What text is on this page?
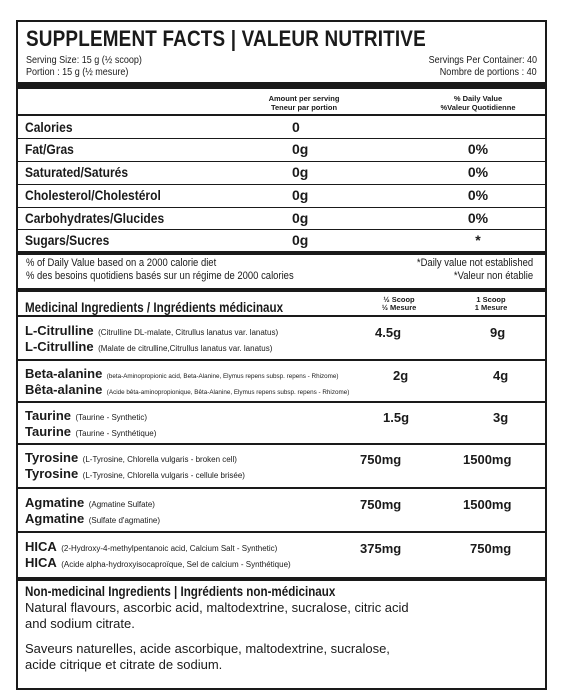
SUPPLEMENT FACTS | VALEUR NUTRITIVE
Serving Size: 15 g (½ scoop)
Portion : 15 g (½ mesure)
Servings Per Container: 40
Nombre de portions : 40
Amount per serving
Teneur par portion
% Daily Value
%Valeur Quotidienne
Calories	0
Fat/Gras	0g	0%
Saturated/Saturés	0g	0%
Cholesterol/Cholestérol	0g	0%
Carbohydrates/Glucides	0g	0%
Sugars/Sucres	0g	*
% of Daily Value based on a 2000 calorie diet
% des besoins quotidiens basés sur un régime de 2000 calories
*Daily value not established
*Valeur non établie
Medicinal Ingredients / Ingrédients médicinaux
½ Scoop
½ Mesure
1 Scoop
1 Mesure
L-Citrulline (Citrulline DL-malate, Citrullus lanatus var. lanatus)
L-Citrulline (Malate de citrulline,Citrullus lanatus var. lanatus)
4.5g	9g
Beta-alanine (beta-Aminopropionic acid, Beta-Alanine, Elymus repens subsp. repens - Rhizome)
Bêta-alanine (Acide bêta-aminopropionique, Bêta-Alanine, Elymus repens subsp. repens - Rhizome)
2g	4g
Taurine (Taurine - Synthetic)
Taurine (Taurine - Synthétique)
1.5g	3g
Tyrosine (L-Tyrosine, Chlorella vulgaris - broken cell)
Tyrosine (L-Tyrosine, Chlorella vulgaris - cellule brisée)
750mg	1500mg
Agmatine (Agmatine Sulfate)
Agmatine (Sulfate d'agmatine)
750mg	1500mg
HICA (2-Hydroxy-4-methylpentanoic acid, Calcium Salt - Synthetic)
HICA (Acide alpha-hydroxyisocaproïque, Sel de calcium - Synthétique)
375mg	750mg
Non-medicinal Ingredients | Ingrédients non-médicinaux
Natural flavours, ascorbic acid, maltodextrine, sucralose, citric acid
and sodium citrate.
Saveurs naturelles, acide ascorbique, maltodextrine, sucralose,
acide citrique et citrate de sodium.
